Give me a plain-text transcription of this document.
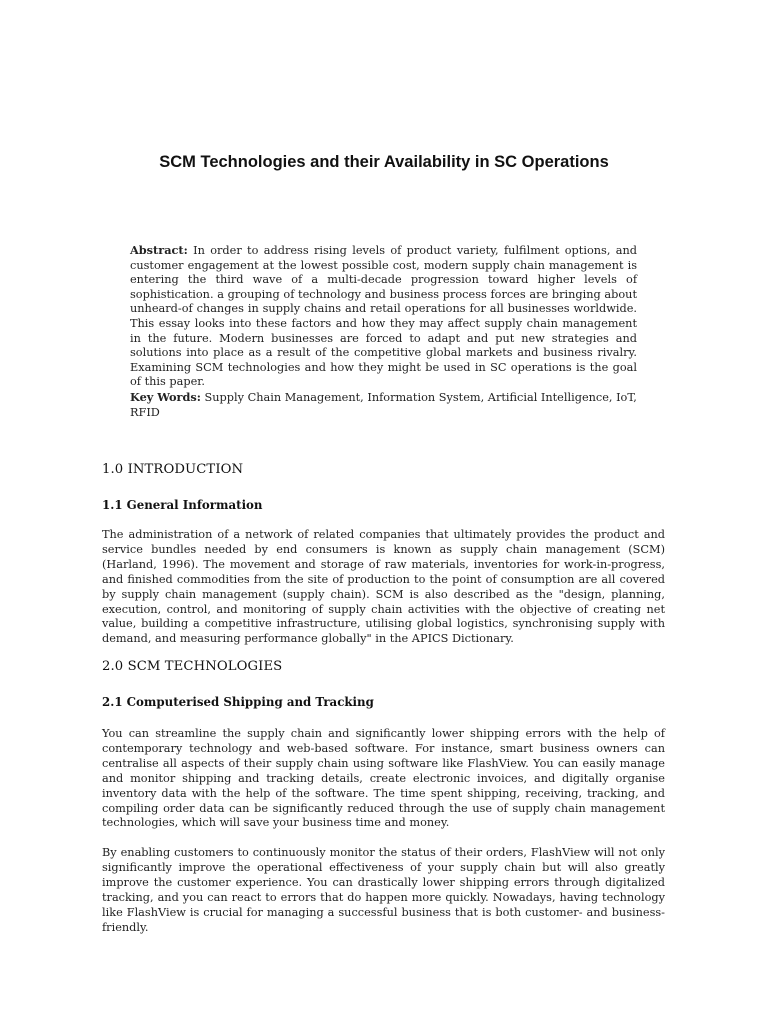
SCM Technologies and their Availability in SC Operations
Abstract: In order to address rising levels of product variety, fulfilment options, and customer engagement at the lowest possible cost, modern supply chain management is entering the third wave of a multi-decade progression toward higher levels of sophistication. a grouping of technology and business process forces are bringing about unheard-of changes in supply chains and retail operations for all businesses worldwide. This essay looks into these factors and how they may affect supply chain management in the future. Modern businesses are forced to adapt and put new strategies and solutions into place as a result of the competitive global markets and business rivalry. Examining SCM technologies and how they might be used in SC operations is the goal of this paper.
Key Words: Supply Chain Management, Information System, Artificial Intelligence, IoT, RFID
1.0 INTRODUCTION
1.1 General Information
The administration of a network of related companies that ultimately provides the product and service bundles needed by end consumers is known as supply chain management (SCM) (Harland, 1996). The movement and storage of raw materials, inventories for work-in-progress, and finished commodities from the site of production to the point of consumption are all covered by supply chain management (supply chain). SCM is also described as the "design, planning, execution, control, and monitoring of supply chain activities with the objective of creating net value, building a competitive infrastructure, utilising global logistics, synchronising supply with demand, and measuring performance globally" in the APICS Dictionary.
2.0 SCM TECHNOLOGIES
2.1 Computerised Shipping and Tracking
You can streamline the supply chain and significantly lower shipping errors with the help of contemporary technology and web-based software. For instance, smart business owners can centralise all aspects of their supply chain using software like FlashView. You can easily manage and monitor shipping and tracking details, create electronic invoices, and digitally organise inventory data with the help of the software. The time spent shipping, receiving, tracking, and compiling order data can be significantly reduced through the use of supply chain management technologies, which will save your business time and money.
By enabling customers to continuously monitor the status of their orders, FlashView will not only significantly improve the operational effectiveness of your supply chain but will also greatly improve the customer experience. You can drastically lower shipping errors through digitalized tracking, and you can react to errors that do happen more quickly. Nowadays, having technology like FlashView is crucial for managing a successful business that is both customer- and business-friendly.
